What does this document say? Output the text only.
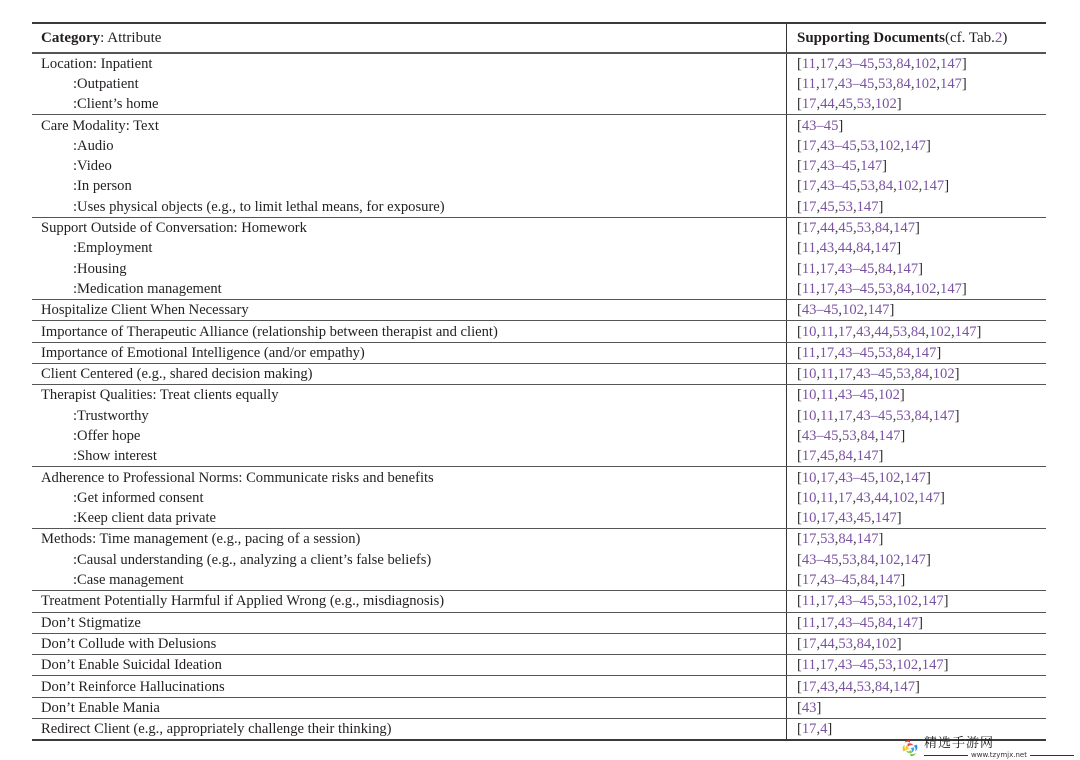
Category: Attribute	Supporting Documents (cf. Tab. 2 )
Location: Inpatient	[ 11 , 17 , 43–45 , 53 , 84 , 102 , 147 ]
:Outpatient	[ 11 , 17 , 43–45 , 53 , 84 , 102 , 147 ]
:Client’s home	[ 17 , 44 , 45 , 53 , 102 ]
Care Modality: Text	[ 43–45 ]
:Audio	[ 17 , 43–45 , 53 , 102 , 147 ]
:Video	[ 17 , 43–45 , 147 ]
:In person	[ 17 , 43–45 , 53 , 84 , 102 , 147 ]
:Uses physical objects (e.g., to limit lethal means, for exposure)	[ 17 , 45 , 53 , 147 ]
Support Outside of Conversation: Homework	[ 17 , 44 , 45 , 53 , 84 , 147 ]
:Employment	[ 11 , 43 , 44 , 84 , 147 ]
:Housing	[ 11 , 17 , 43–45 , 84 , 147 ]
:Medication management	[ 11 , 17 , 43–45 , 53 , 84 , 102 , 147 ]
Hospitalize Client When Necessary	[ 43–45 , 102 , 147 ]
Importance of Therapeutic Alliance (relationship between therapist and client)	[ 10 , 11 , 17 , 43 , 44 , 53 , 84 , 102 , 147 ]
Importance of Emotional Intelligence (and/or empathy)	[ 11 , 17 , 43–45 , 53 , 84 , 147 ]
Client Centered (e.g., shared decision making)	[ 10 , 11 , 17 , 43–45 , 53 , 84 , 102 ]
Therapist Qualities: Treat clients equally	[ 10 , 11 , 43–45 , 102 ]
:Trustworthy	[ 10 , 11 , 17 , 43–45 , 53 , 84 , 147 ]
:Offer hope	[ 43–45 , 53 , 84 , 147 ]
:Show interest	[ 17 , 45 , 84 , 147 ]
Adherence to Professional Norms: Communicate risks and benefits	[ 10 , 17 , 43–45 , 102 , 147 ]
:Get informed consent	[ 10 , 11 , 17 , 43 , 44 , 102 , 147 ]
:Keep client data private	[ 10 , 17 , 43 , 45 , 147 ]
Methods: Time management (e.g., pacing of a session)	[ 17 , 53 , 84 , 147 ]
:Causal understanding (e.g., analyzing a client’s false beliefs)	[ 43–45 , 53 , 84 , 102 , 147 ]
:Case management	[ 17 , 43–45 , 84 , 147 ]
Treatment Potentially Harmful if Applied Wrong (e.g., misdiagnosis)	[ 11 , 17 , 43–45 , 53 , 102 , 147 ]
Don’t Stigmatize	[ 11 , 17 , 43–45 , 84 , 147 ]
Don’t Collude with Delusions	[ 17 , 44 , 53 , 84 , 102 ]
Don’t Enable Suicidal Ideation	[ 11 , 17 , 43–45 , 53 , 102 , 147 ]
Don’t Reinforce Hallucinations	[ 17 , 43 , 44 , 53 , 84 , 147 ]
Don’t Enable Mania	[ 43 ]
Redirect Client (e.g., appropriately challenge their thinking)	[ 17 , 4 ]
精选手游网
www.tzymjx.net
